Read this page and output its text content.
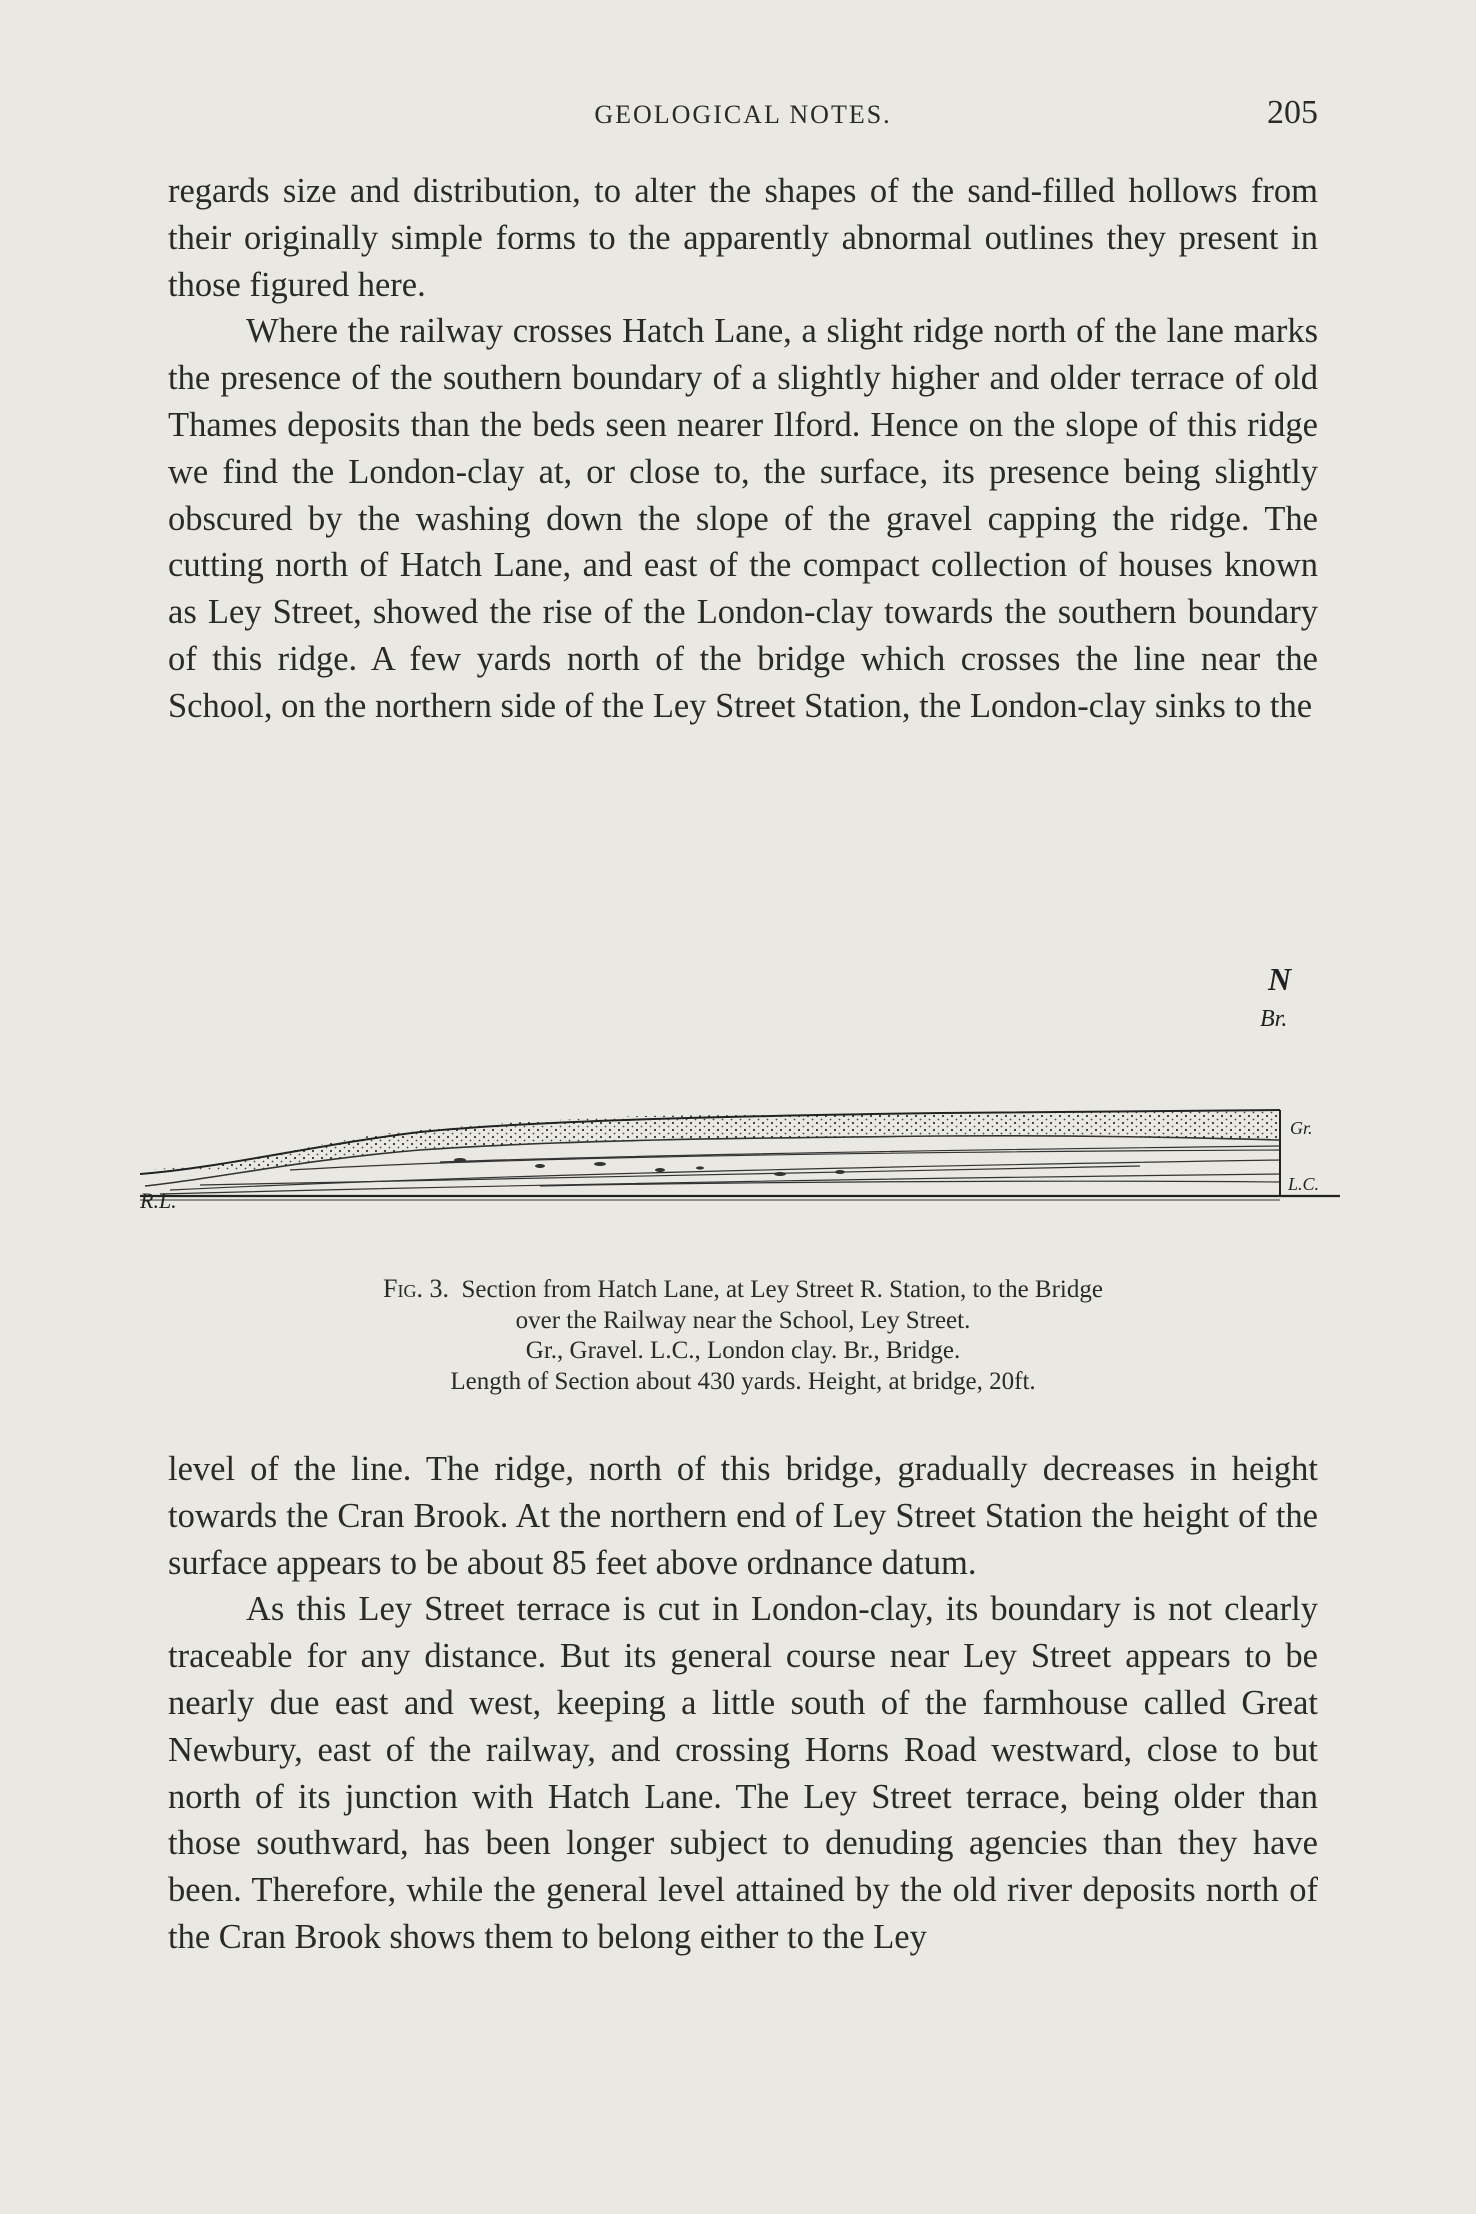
GEOLOGICAL NOTES.	205

regards size and distribution, to alter the shapes of the sand-filled hollows from their originally simple forms to the apparently abnormal outlines they present in those figured here.

Where the railway crosses Hatch Lane, a slight ridge north of the lane marks the presence of the southern boundary of a slightly higher and older terrace of old Thames deposits than the beds seen nearer Ilford. Hence on the slope of this ridge we find the London-clay at, or close to, the surface, its presence being slightly obscured by the washing down the slope of the gravel capping the ridge. The cutting north of Hatch Lane, and east of the compact collection of houses known as Ley Street, showed the rise of the London-clay towards the southern boundary of this ridge. A few yards north of the bridge which crosses the line near the School, on the northern side of the Ley Street Station, the London-clay sinks to the

N
Br.
Gr.
L.C.
R.L.
Fig. 3. Section from Hatch Lane, at Ley Street R. Station, to the Bridge
over the Railway near the School, Ley Street.
Gr., Gravel. L.C., London clay. Br., Bridge.
Length of Section about 430 yards. Height, at bridge, 20ft.

level of the line. The ridge, north of this bridge, gradually decreases in height towards the Cran Brook. At the northern end of Ley Street Station the height of the surface appears to be about 85 feet above ordnance datum.

As this Ley Street terrace is cut in London-clay, its boundary is not clearly traceable for any distance. But its general course near Ley Street appears to be nearly due east and west, keeping a little south of the farmhouse called Great Newbury, east of the railway, and crossing Horns Road westward, close to but north of its junction with Hatch Lane. The Ley Street terrace, being older than those southward, has been longer subject to denuding agencies than they have been. Therefore, while the general level attained by the old river deposits north of the Cran Brook shows them to belong either to the Ley
